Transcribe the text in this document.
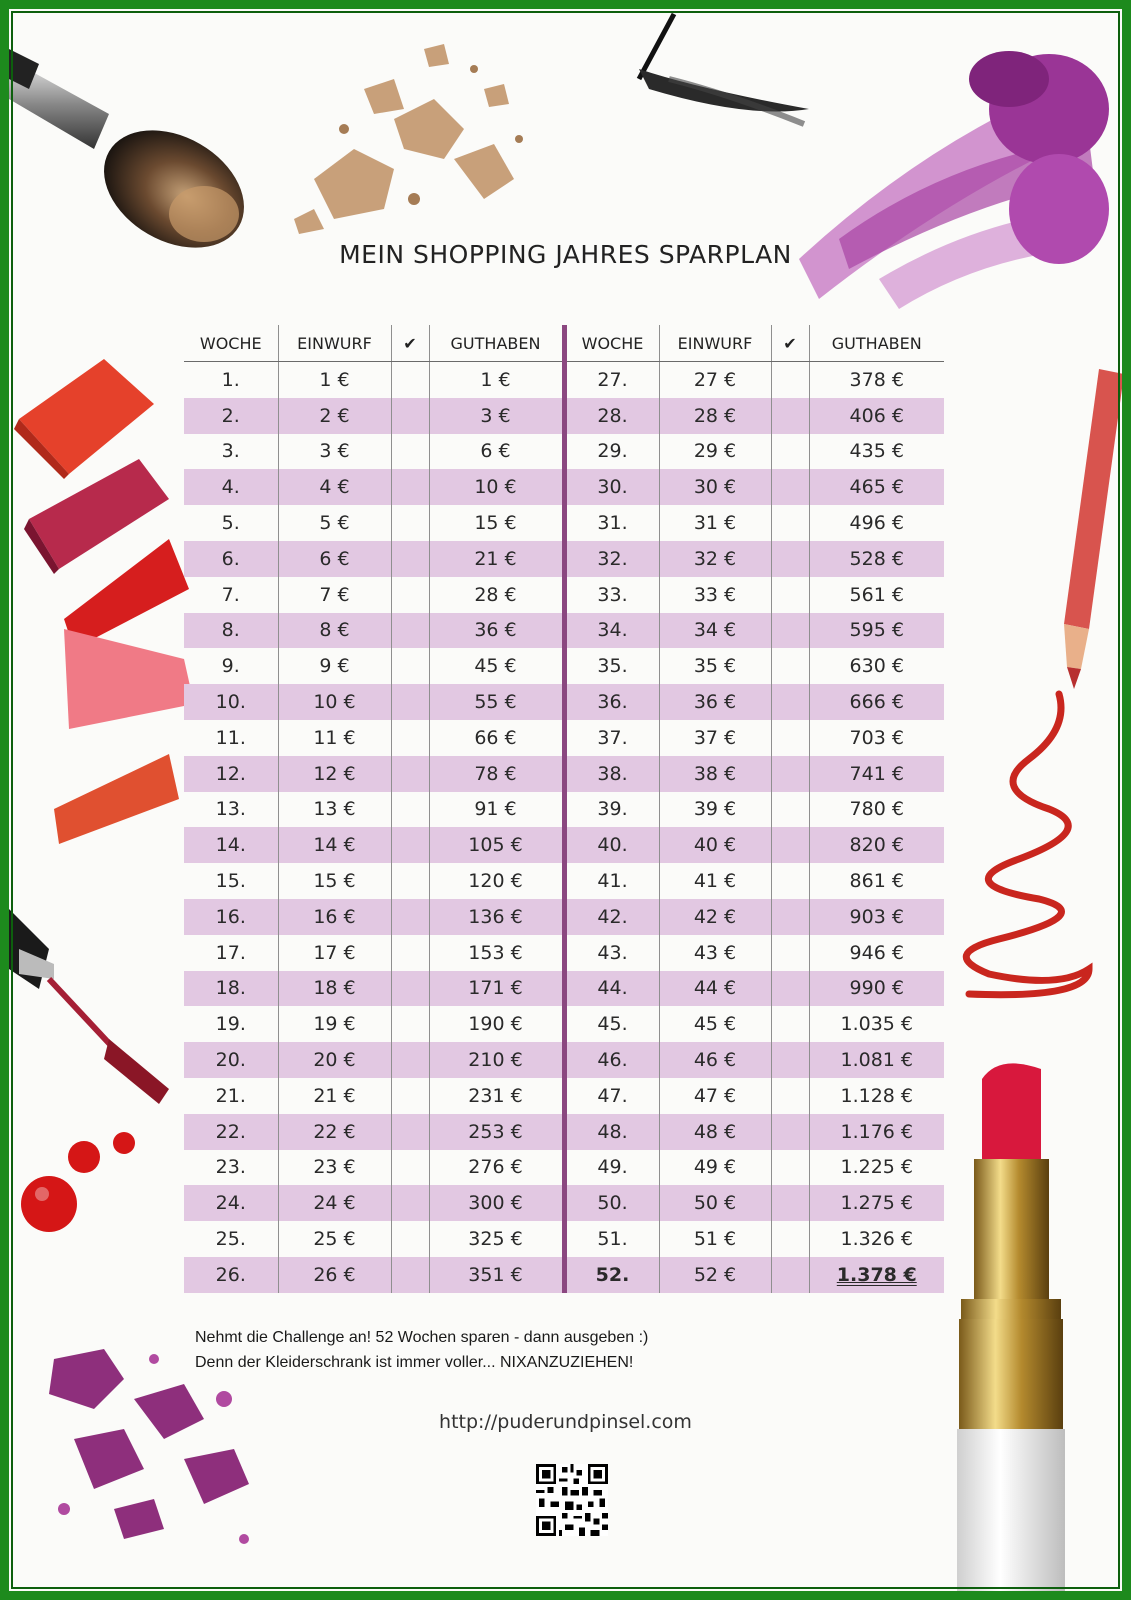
MEIN SHOPPING JAHRES SPARPLAN
WOCHE	EINWURF	✔	GUTHABEN	WOCHE	EINWURF	✔	GUTHABEN
1.	1 €		1 €	27.	27 €		378 €
2.	2 €		3 €	28.	28 €		406 €
3.	3 €		6 €	29.	29 €		435 €
4.	4 €		10 €	30.	30 €		465 €
5.	5 €		15 €	31.	31 €		496 €
6.	6 €		21 €	32.	32 €		528 €
7.	7 €		28 €	33.	33 €		561 €
8.	8 €		36 €	34.	34 €		595 €
9.	9 €		45 €	35.	35 €		630 €
10.	10 €		55 €	36.	36 €		666 €
11.	11 €		66 €	37.	37 €		703 €
12.	12 €		78 €	38.	38 €		741 €
13.	13 €		91 €	39.	39 €		780 €
14.	14 €		105 €	40.	40 €		820 €
15.	15 €		120 €	41.	41 €		861 €
16.	16 €		136 €	42.	42 €		903 €
17.	17 €		153 €	43.	43 €		946 €
18.	18 €		171 €	44.	44 €		990 €
19.	19 €		190 €	45.	45 €		1.035 €
20.	20 €		210 €	46.	46 €		1.081 €
21.	21 €		231 €	47.	47 €		1.128 €
22.	22 €		253 €	48.	48 €		1.176 €
23.	23 €		276 €	49.	49 €		1.225 €
24.	24 €		300 €	50.	50 €		1.275 €
25.	25 €		325 €	51.	51 €		1.326 €
26.	26 €		351 €	52.	52 €		1.378 €
Nehmt die Challenge an! 52 Wochen sparen - dann ausgeben :)
Denn der Kleiderschrank ist immer voller... NIXANZUZIEHEN!
http://puderundpinsel.com
